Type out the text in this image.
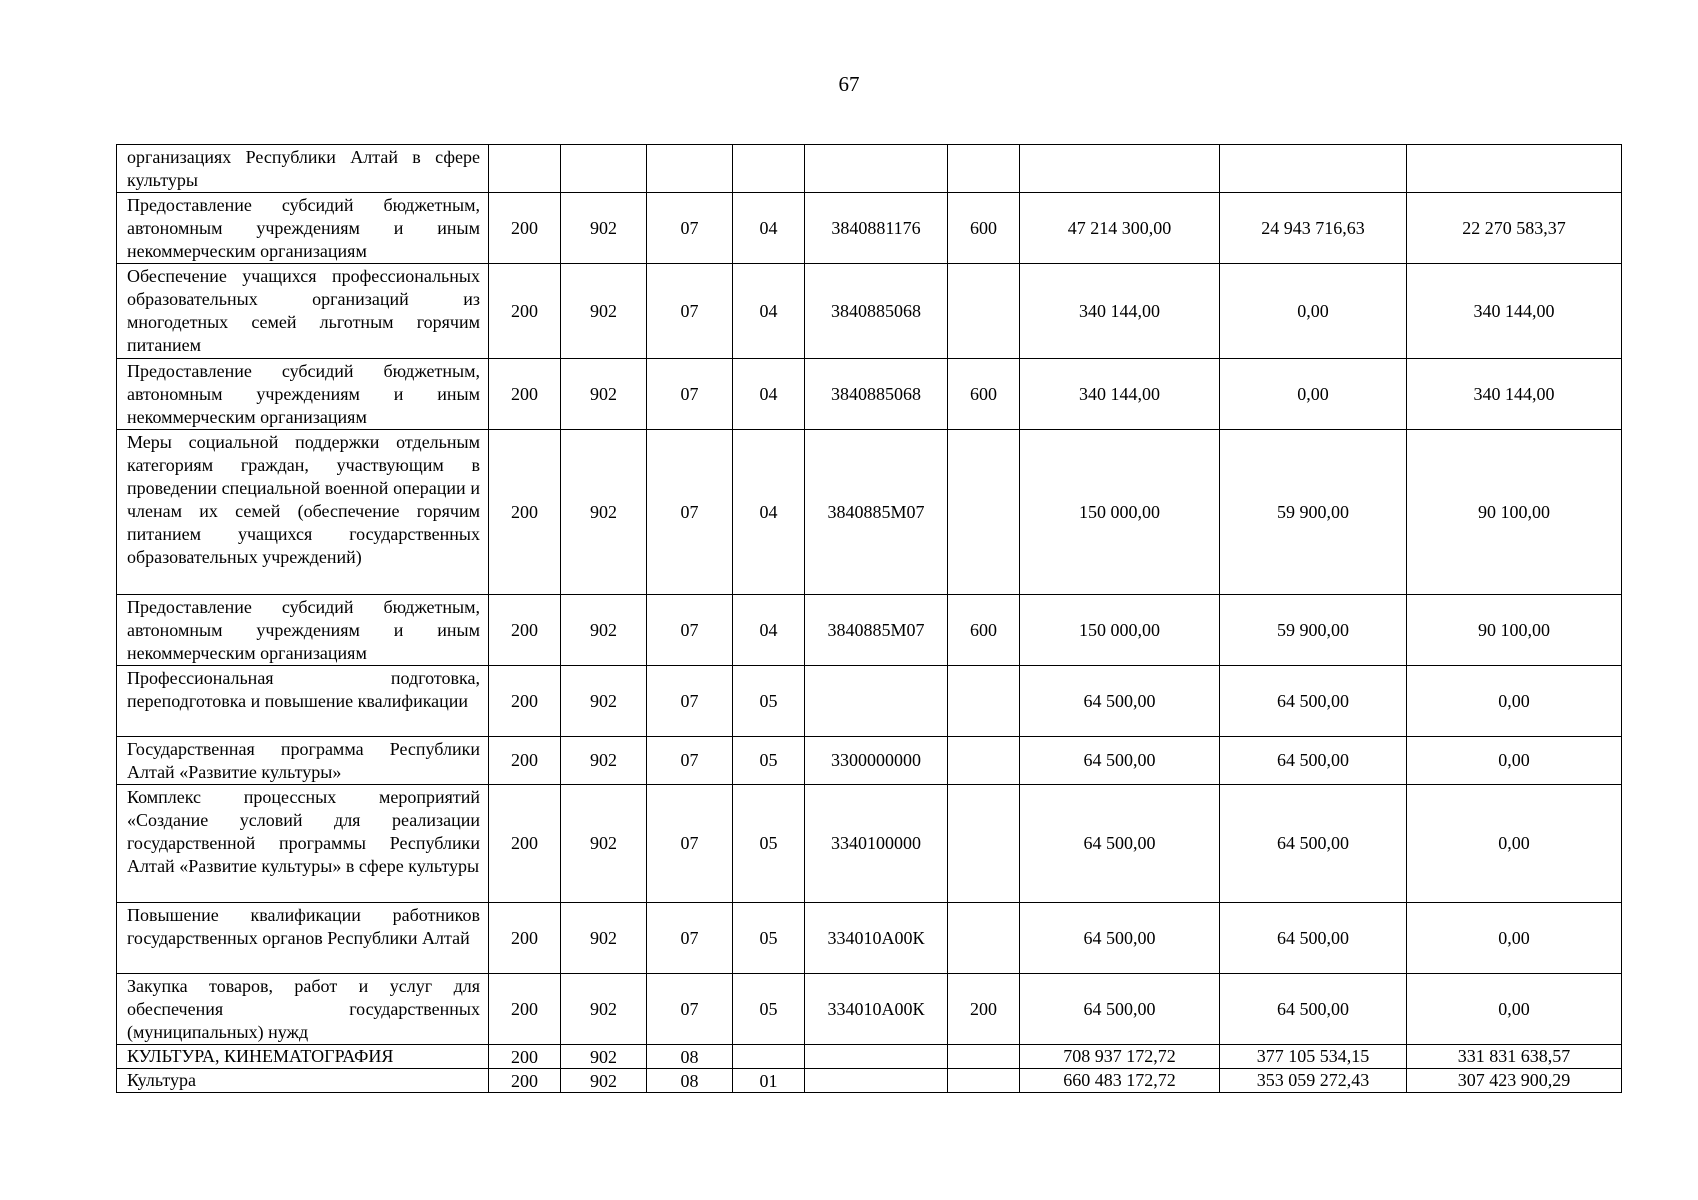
67
организациях Республики Алтай в сфере культуры									
Предоставление субсидий бюджетным, автономным учреждениям и иным некоммерческим организациям	200	902	07	04	3840881176	600	47 214 300,00	24 943 716,63	22 270 583,37
Обеспечение учащихся профессиональных образовательных организаций из многодетных семей льготным горячим питанием	200	902	07	04	3840885068		340 144,00	0,00	340 144,00
Предоставление субсидий бюджетным, автономным учреждениям и иным некоммерческим организациям	200	902	07	04	3840885068	600	340 144,00	0,00	340 144,00
Меры социальной поддержки отдельным категориям граждан, участвующим в проведении специальной военной операции и членам их семей (обеспечение горячим питанием учащихся государственных образовательных учреждений)	200	902	07	04	3840885М07		150 000,00	59 900,00	90 100,00
Предоставление субсидий бюджетным, автономным учреждениям и иным некоммерческим организациям	200	902	07	04	3840885М07	600	150 000,00	59 900,00	90 100,00
Профессиональная подготовка, переподготовка и повышение квалификации	200	902	07	05			64 500,00	64 500,00	0,00
Государственная программа Республики Алтай «Развитие культуры»	200	902	07	05	3300000000		64 500,00	64 500,00	0,00
Комплекс процессных мероприятий «Создание условий для реализации государственной программы Республики Алтай «Развитие культуры» в сфере культуры	200	902	07	05	3340100000		64 500,00	64 500,00	0,00
Повышение квалификации работников государственных органов Республики Алтай	200	902	07	05	334010А00К		64 500,00	64 500,00	0,00
Закупка товаров, работ и услуг для обеспечения государственных (муниципальных) нужд	200	902	07	05	334010А00К	200	64 500,00	64 500,00	0,00
КУЛЬТУРА, КИНЕМАТОГРАФИЯ	200	902	08				708 937 172,72	377 105 534,15	331 831 638,57
Культура	200	902	08	01			660 483 172,72	353 059 272,43	307 423 900,29
